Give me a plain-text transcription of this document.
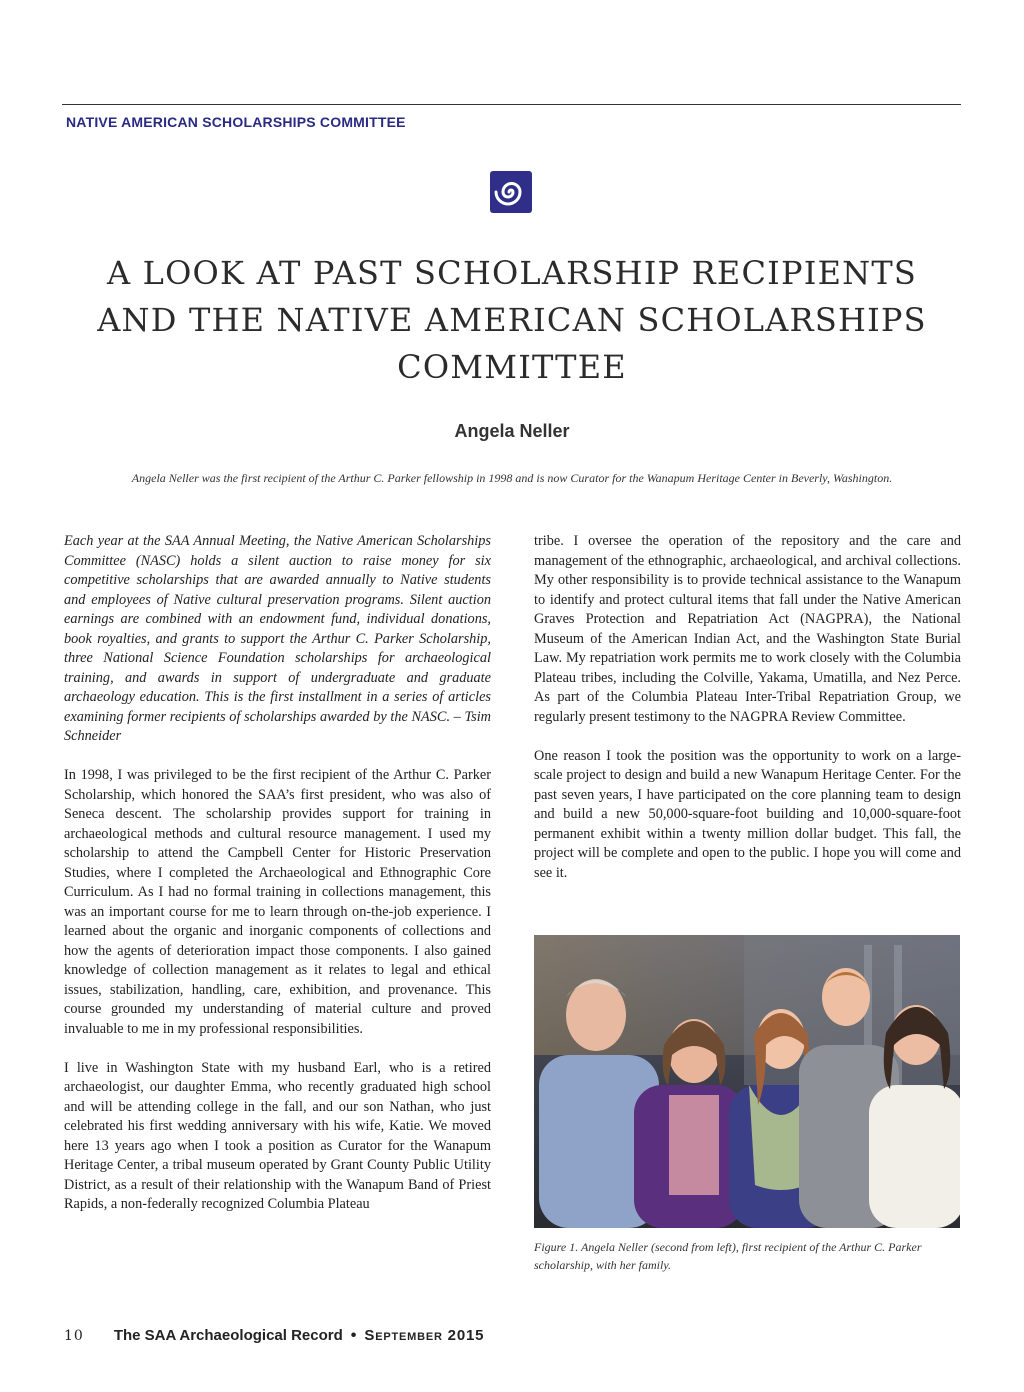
NATIVE AMERICAN SCHOLARSHIPS COMMITTEE
A LOOK AT PAST SCHOLARSHIP RECIPIENTS
AND THE NATIVE AMERICAN SCHOLARSHIPS
COMMITTEE
Angela Neller
Angela Neller was the first recipient of the Arthur C. Parker fellowship in 1998 and is now Curator for the Wanapum Heritage Center in Beverly, Washington.

Each year at the SAA Annual Meeting, the Native American Scholarships Committee (NASC) holds a silent auction to raise money for six competitive scholarships that are awarded annually to Native students and employees of Native cultural preservation programs. Silent auction earnings are combined with an endowment fund, individual donations, book royalties, and grants to support the Arthur C. Parker Scholarship, three National Science Foundation scholarships for archaeological training, and awards in support of undergraduate and graduate archaeology education. This is the first installment in a series of articles examining former recipients of scholarships awarded by the NASC. – Tsim Schneider

In 1998, I was privileged to be the first recipient of the Arthur C. Parker Scholarship, which honored the SAA’s first president, who was also of Seneca descent. The scholarship provides support for training in archaeological methods and cultural resource management. I used my scholarship to attend the Campbell Center for Historic Preservation Studies, where I completed the Archaeological and Ethnographic Core Curriculum. As I had no formal training in collections management, this was an important course for me to learn through on-the-job experience. I learned about the organic and inorganic components of collections and how the agents of deterioration impact those components. I also gained knowledge of collection management as it relates to legal and ethical issues, stabilization, handling, care, exhibition, and provenance. This course grounded my understanding of material culture and proved invaluable to me in my professional responsibilities.

I live in Washington State with my husband Earl, who is a retired archaeologist, our daughter Emma, who recently graduated high school and will be attending college in the fall, and our son Nathan, who just celebrated his first wedding anniversary with his wife, Katie. We moved here 13 years ago when I took a position as Curator for the Wanapum Heritage Center, a tribal museum operated by Grant County Public Utility District, as a result of their relationship with the Wanapum Band of Priest Rapids, a non-federally recognized Columbia Plateau

tribe. I oversee the operation of the repository and the care and management of the ethnographic, archaeological, and archival collections. My other responsibility is to provide technical assistance to the Wanapum to identify and protect cultural items that fall under the Native American Graves Protection and Repatriation Act (NAGPRA), the National Museum of the American Indian Act, and the Washington State Burial Law. My repatriation work permits me to work closely with the Columbia Plateau tribes, including the Colville, Yakama, Umatilla, and Nez Perce. As part of the Columbia Plateau Inter-Tribal Repatriation Group, we regularly present testimony to the NAGPRA Review Committee.

One reason I took the position was the opportunity to work on a large-scale project to design and build a new Wanapum Heritage Center. For the past seven years, I have participated on the core planning team to design and build a new 50,000-square-foot building and 10,000-square-foot permanent exhibit within a twenty million dollar budget. This fall, the project will be complete and open to the public. I hope you will come and see it.

Figure 1. Angela Neller (second from left), first recipient of the Arthur C. Parker scholarship, with her family.
10 The SAA Archaeological Record • September 2015
